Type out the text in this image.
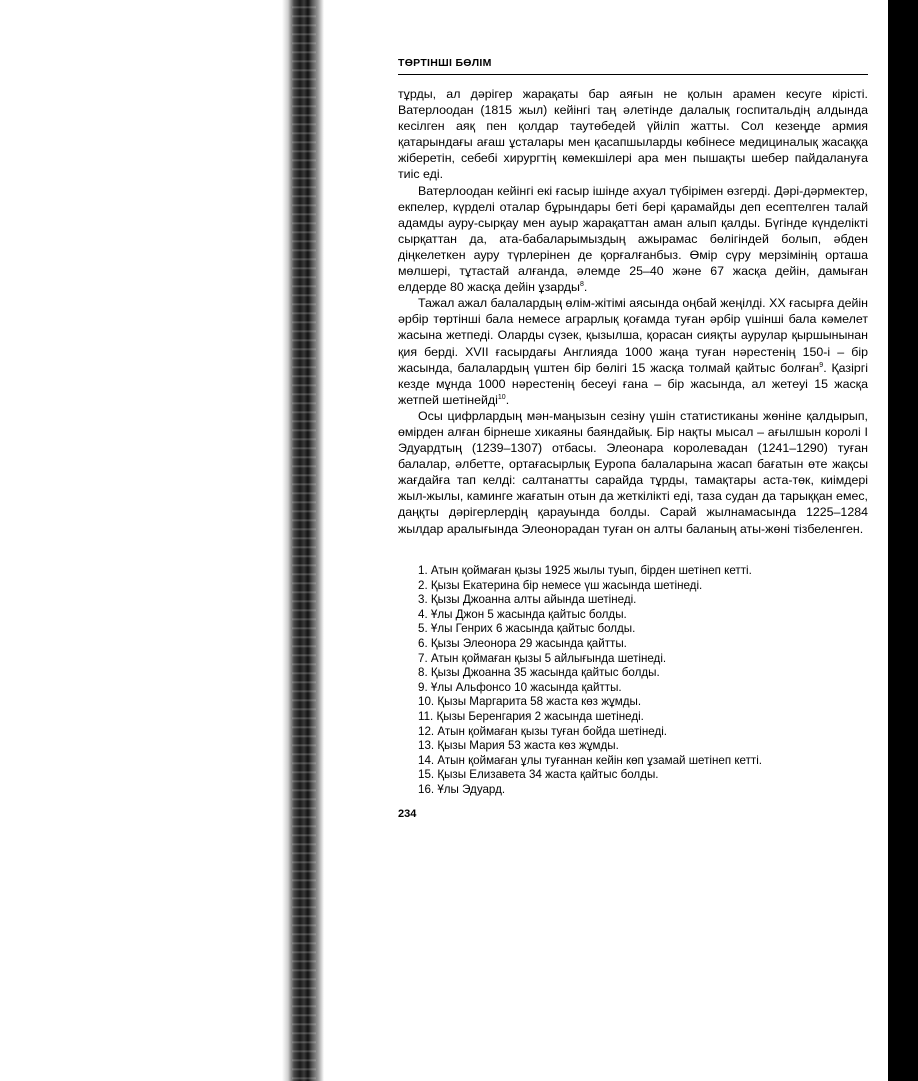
ТӨРТІНШІ БӨЛІМ

тұрды, ал дәрігер жарақаты бар аяғын не қолын арамен кесуге кірісті. Ватерлоодан (1815 жыл) кейінгі таң әлетінде далалық госпитальдің алдында кесілген аяқ пен қолдар таутөбедей үйіліп жатты. Сол кезеңде армия қатарындағы ағаш ұсталары мен қасапшыларды көбінесе медициналық жасаққа жіберетін, себебі хирургтің көмекшілері ара мен пышақты шебер пайдалануға тиіс еді.

Ватерлоодан кейінгі екі ғасыр ішінде ахуал түбірімен өзгерді. Дәрі-дәрмектер, екпелер, күрделі оталар бұрындары беті бері қарамайды деп есептелген талай адамды ауру-сырқау мен ауыр жарақаттан аман алып қалды. Бүгінде күнделікті сырқаттан да, ата-бабаларымыздың ажырамас бөлігіндей болып, әбден діңкелеткен ауру түрлерінен де қорғалғанбыз. Өмір сүру мерзімінің орташа мөлшері, тұтастай алғанда, әлемде 25–40 және 67 жасқа дейін, дамыған елдерде 80 жасқа дейін ұзарды$^8$.

Тажал ажал балалардың өлім-жітімі аясында оңбай жеңілді. XX ғасырға дейін әрбір төртінші бала немесе аграрлық қоғамда туған әрбір үшінші бала кәмелет жасына жетпеді. Оларды сүзек, қызылша, қорасан сияқты аурулар қыршынынан қия берді. XVII ғасырдағы Англияда 1000 жаңа туған нәрестенің 150-і – бір жасында, балалардың үштен бір бөлігі 15 жасқа толмай қайтыс болған$^9$. Қазіргі кезде мұнда 1000 нәрестенің бесеуі ғана – бір жасында, ал жетеуі 15 жасқа жетпей шетінейді$^{10}$.

Осы цифрлардың мән-маңызын сезіну үшін статистиканы жөніне қалдырып, өмірден алған бірнеше хикаяны баяндайық. Бір нақты мысал – ағылшын королі I Эдуардтың (1239–1307) отбасы. Элеонара королевадан (1241–1290) туған балалар, әлбетте, ортағасырлық Еуропа балаларына жасап бағатын өте жақсы жағдайға тап келді: салтанатты сарайда тұрды, тамақтары аста-төк, киімдері жыл-жылы, каминге жағатын отын да жеткілікті еді, таза судан да тарыққан емес, даңқты дәрігерлердің қарауында болды. Сарай жылнамасында 1225–1284 жылдар аралығында Элеонорадан туған он алты баланың аты-жөні тізбеленген.

1. Атын қоймаған қызы 1925 жылы туып, бірден шетінеп кетті.
2. Қызы Екатерина бір немесе үш жасында шетінеді.
3. Қызы Джоанна алты айында шетінеді.
4. Ұлы Джон 5 жасында қайтыс болды.
5. Ұлы Генрих 6 жасында қайтыс болды.
6. Қызы Элеонора 29 жасында қайтты.
7. Атын қоймаған қызы 5 айлығында шетінеді.
8. Қызы Джоанна 35 жасында қайтыс болды.
9. Ұлы Альфонсо 10 жасында қайтты.
10. Қызы Маргарита 58 жаста көз жұмды.
11. Қызы Беренгария 2 жасында шетінеді.
12. Атын қоймаған қызы туған бойда шетінеді.
13. Қызы Мария 53 жаста көз жұмды.
14. Атын қоймаған ұлы туғаннан кейін көп ұзамай шетінеп кетті.
15. Қызы Елизавета 34 жаста қайтыс болды.
16. Ұлы Эдуард.
234
